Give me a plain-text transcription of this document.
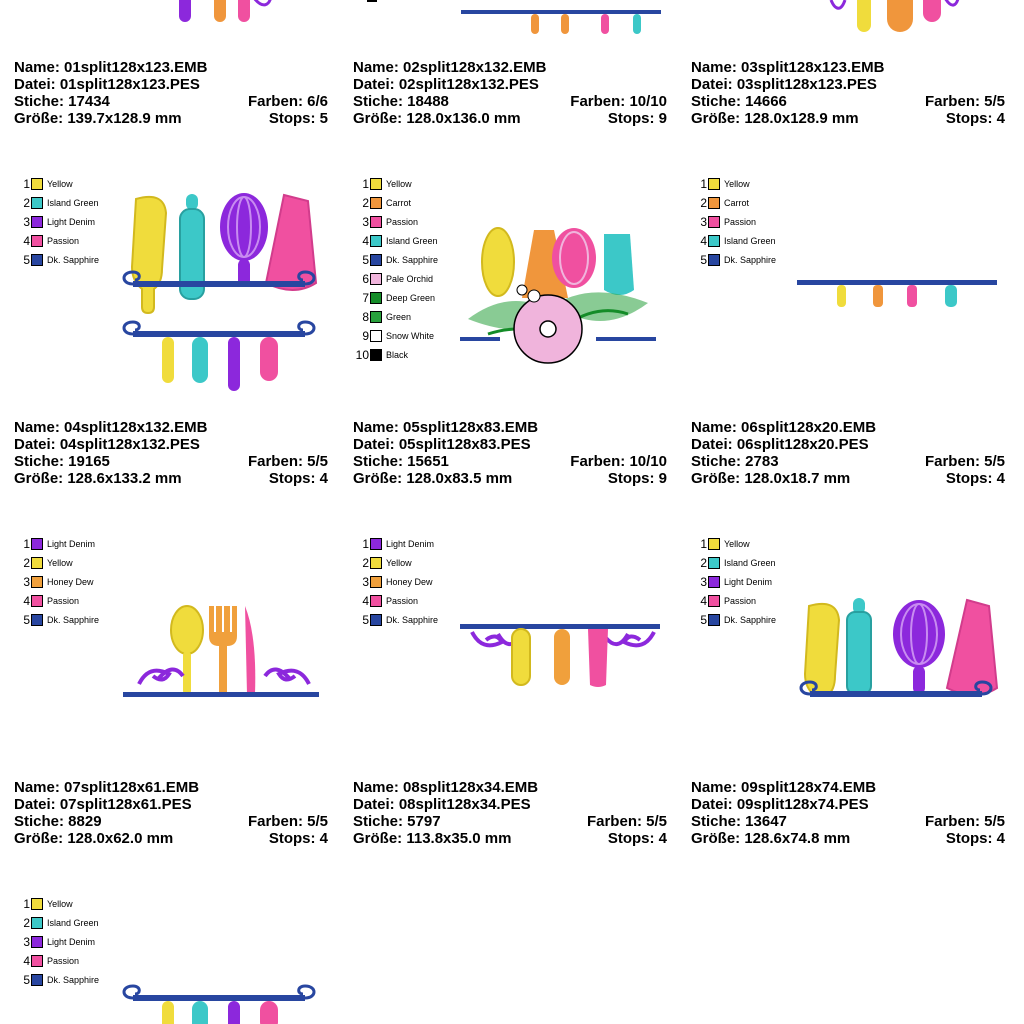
Name: 01split128x123.EMB
Datei: 01split128x123.PES
Stiche: 17434	Farben: 6/6
Größe: 139.7x128.9 mm	Stops: 5
Name: 02split128x132.EMB
Datei: 02split128x132.PES
Stiche: 18488	Farben: 10/10
Größe: 128.0x136.0 mm	Stops: 9
Name: 03split128x123.EMB
Datei: 03split128x123.PES
Stiche: 14666	Farben: 5/5
Größe: 128.0x128.9 mm	Stops: 4
1 Yellow
2 Island Green
3 Light Denim
4 Passion
5 Dk. Sapphire
1 Yellow
2 Carrot
3 Passion
4 Island Green
5 Dk. Sapphire
6 Pale Orchid
7 Deep Green
8 Green
9 Snow White
10 Black
1 Yellow
2 Carrot
3 Passion
4 Island Green
5 Dk. Sapphire
Name: 04split128x132.EMB
Datei: 04split128x132.PES
Stiche: 19165	Farben: 5/5
Größe: 128.6x133.2 mm	Stops: 4
Name: 05split128x83.EMB
Datei: 05split128x83.PES
Stiche: 15651	Farben: 10/10
Größe: 128.0x83.5 mm	Stops: 9
Name: 06split128x20.EMB
Datei: 06split128x20.PES
Stiche: 2783	Farben: 5/5
Größe: 128.0x18.7 mm	Stops: 4
1 Light Denim
2 Yellow
3 Honey Dew
4 Passion
5 Dk. Sapphire
1 Light Denim
2 Yellow
3 Honey Dew
4 Passion
5 Dk. Sapphire
1 Yellow
2 Island Green
3 Light Denim
4 Passion
5 Dk. Sapphire
Name: 07split128x61.EMB
Datei: 07split128x61.PES
Stiche: 8829	Farben: 5/5
Größe: 128.0x62.0 mm	Stops: 4
Name: 08split128x34.EMB
Datei: 08split128x34.PES
Stiche: 5797	Farben: 5/5
Größe: 113.8x35.0 mm	Stops: 4
Name: 09split128x74.EMB
Datei: 09split128x74.PES
Stiche: 13647	Farben: 5/5
Größe: 128.6x74.8 mm	Stops: 4
1 Yellow
2 Island Green
3 Light Denim
4 Passion
5 Dk. Sapphire
